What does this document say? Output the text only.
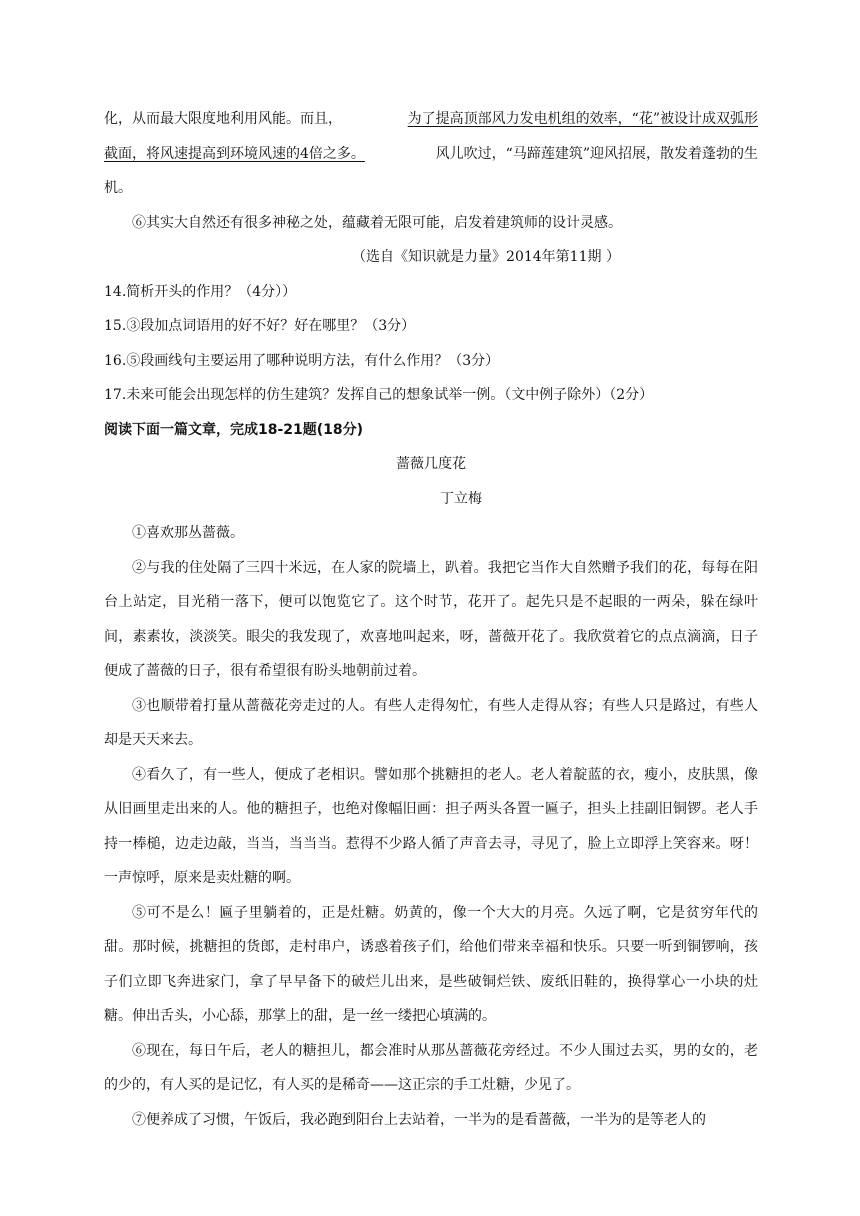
化，从而最大限度地利用风能。而且，	为了提高顶部风力发电机组的效率，“花”被设计成双弧形
截面，将风速提高到环境风速的4倍之多。	风儿吹过，“马蹄莲建筑”迎风招展，散发着蓬勃的生
机。

⑥其实大自然还有很多神秘之处，蕴藏着无限可能，启发着建筑师的设计灵感。

（选自《知识就是力量》2014年第11期 ）

14.简析开头的作用？（4分））

15.③段加点词语用的好不好？好在哪里？（3分）

16.⑤段画线句主要运用了哪种说明方法，有什么作用？（3分）

17.未来可能会出现怎样的仿生建筑？发挥自己的想象试举一例。（文中例子除外）（2分）

阅读下面一篇文章，完成18-21题(18分)

蔷薇几度花

丁立梅

①喜欢那丛蔷薇。

②与我的住处隔了三四十米远，在人家的院墙上，趴着。我把它当作大自然赠予我们的花，每每在阳台上站定，目光稍一落下，便可以饱览它了。这个时节，花开了。起先只是不起眼的一两朵，躲在绿叶间，素素妆，淡淡笑。眼尖的我发现了，欢喜地叫起来，呀，蔷薇开花了。我欣赏着它的点点滴滴，日子便成了蔷薇的日子，很有希望很有盼头地朝前过着。

③也顺带着打量从蔷薇花旁走过的人。有些人走得匆忙，有些人走得从容；有些人只是路过，有些人却是天天来去。

④看久了，有一些人，便成了老相识。譬如那个挑糖担的老人。老人着靛蓝的衣，瘦小，皮肤黑，像从旧画里走出来的人。他的糖担子，也绝对像幅旧画：担子两头各置一匾子，担头上挂副旧铜锣。老人手持一棒槌，边走边敲，当当，当当当。惹得不少路人循了声音去寻，寻见了，脸上立即浮上笑容来。呀！一声惊呼，原来是卖灶糖的啊。

⑤可不是么！匾子里躺着的，正是灶糖。奶黄的，像一个大大的月亮。久远了啊，它是贫穷年代的甜。那时候，挑糖担的货郎，走村串户，诱惑着孩子们，给他们带来幸福和快乐。只要一听到铜锣响，孩子们立即飞奔进家门，拿了早早备下的破烂儿出来，是些破铜烂铁、废纸旧鞋的，换得掌心一小块的灶糖。伸出舌头，小心舔，那掌上的甜，是一丝一缕把心填满的。

⑥现在，每日午后，老人的糖担儿，都会准时从那丛蔷薇花旁经过。不少人围过去买，男的女的，老的少的，有人买的是记忆，有人买的是稀奇——这正宗的手工灶糖，少见了。

⑦便养成了习惯，午饭后，我必跑到阳台上去站着，一半为的是看蔷薇，一半为的是等老人的
